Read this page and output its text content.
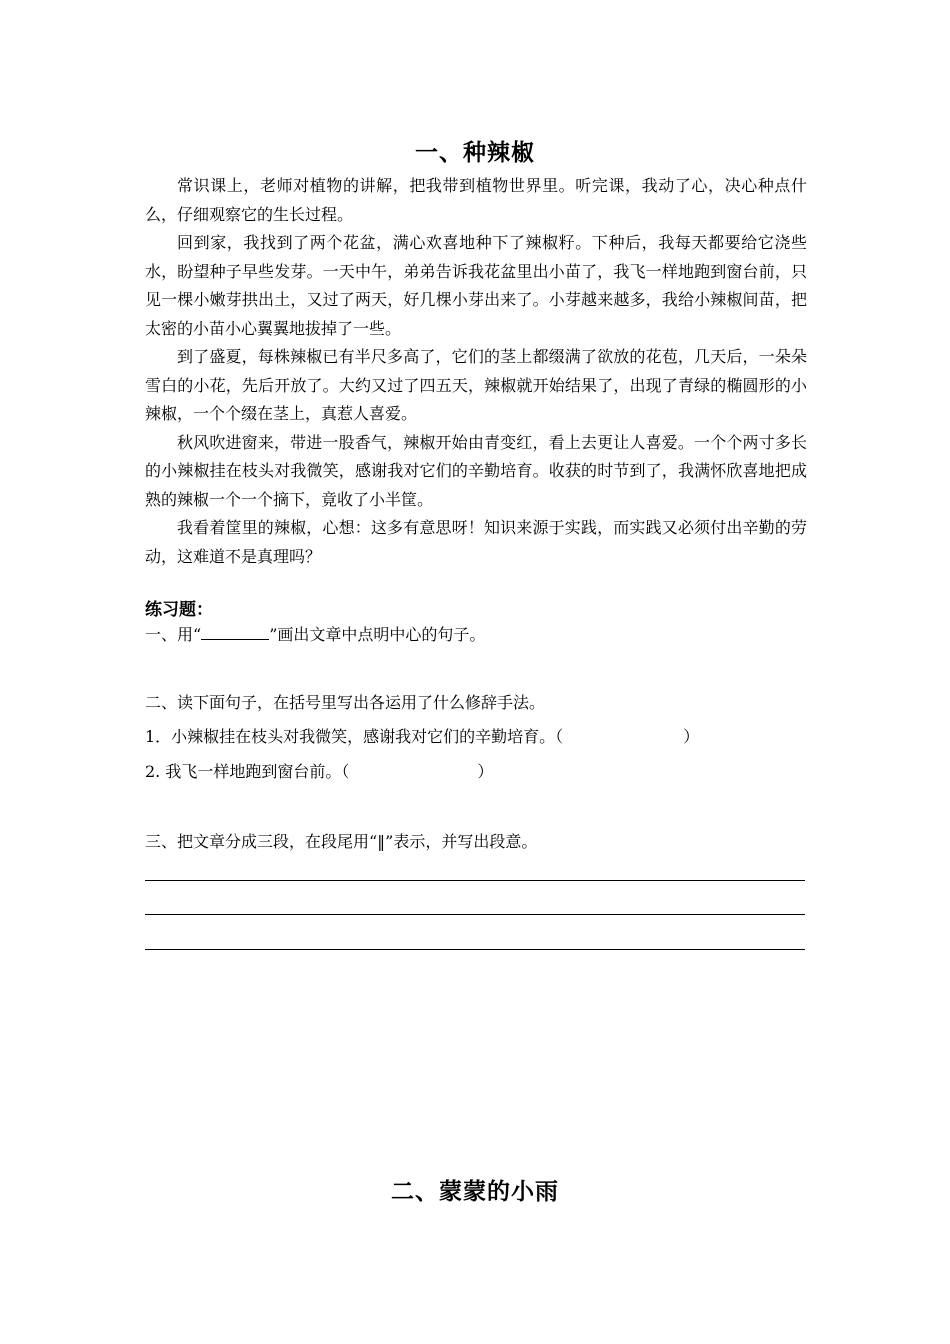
一、种辣椒

常识课上，老师对植物的讲解，把我带到植物世界里。听完课，我动了心，决心种点什么，仔细观察它的生长过程。

回到家，我找到了两个花盆，满心欢喜地种下了辣椒籽。下种后，我每天都要给它浇些水，盼望种子早些发芽。一天中午，弟弟告诉我花盆里出小苗了，我飞一样地跑到窗台前，只见一棵小嫩芽拱出土，又过了两天，好几棵小芽出来了。小芽越来越多，我给小辣椒间苗，把太密的小苗小心翼翼地拔掉了一些。

到了盛夏，每株辣椒已有半尺多高了，它们的茎上都缀满了欲放的花苞，几天后，一朵朵雪白的小花，先后开放了。大约又过了四五天，辣椒就开始结果了，出现了青绿的椭圆形的小辣椒，一个个缀在茎上，真惹人喜爱。

秋风吹进窗来，带进一股香气，辣椒开始由青变红，看上去更让人喜爱。一个个两寸多长的小辣椒挂在枝头对我微笑，感谢我对它们的辛勤培育。收获的时节到了，我满怀欣喜地把成熟的辣椒一个一个摘下，竟收了小半筐。

我看着筐里的辣椒，心想：这多有意思呀！知识来源于实践，而实践又必须付出辛勤的劳动，这难道不是真理吗？

练习题：
一、用“	”画出文章中点明中心的句子。
二、读下面句子，在括号里写出各运用了什么修辞手法。
1．小辣椒挂在枝头对我微笑，感谢我对它们的辛勤培育。（	）
2. 我飞一样地跑到窗台前。（	）
三、把文章分成三段，在段尾用“‖”表示，并写出段意。
二、蒙蒙的小雨
